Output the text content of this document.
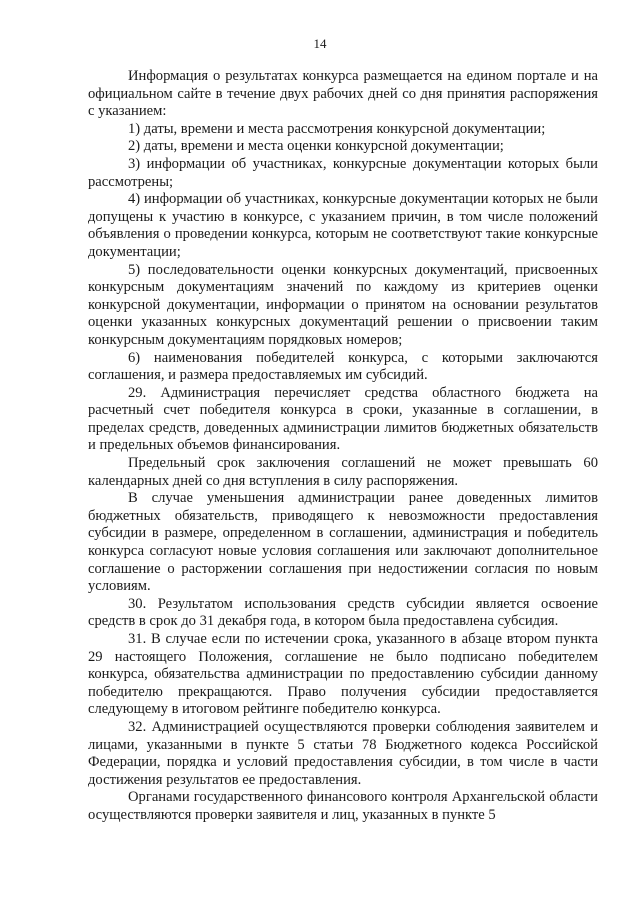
14

Информация о результатах конкурса размещается на едином портале и на официальном сайте в течение двух рабочих дней со дня принятия распоряжения с указанием:

1) даты, времени и места рассмотрения конкурсной документации;

2) даты, времени и места оценки конкурсной документации;

3) информации об участниках, конкурсные документации которых были рассмотрены;

4) информации об участниках, конкурсные документации которых не были допущены к участию в конкурсе, с указанием причин, в том числе положений объявления о проведении конкурса, которым не соответствуют такие конкурсные документации;

5) последовательности оценки конкурсных документаций, присвоенных конкурсным документациям значений по каждому из критериев оценки конкурсной документации, информации о принятом на основании результатов оценки указанных конкурсных документаций решении о присвоении таким конкурсным документациям порядковых номеров;

6) наименования победителей конкурса, с которыми заключаются соглашения, и размера предоставляемых им субсидий.

29. Администрация перечисляет средства областного бюджета на расчетный счет победителя конкурса в сроки, указанные в соглашении, в пределах средств, доведенных администрации лимитов бюджетных обязательств и предельных объемов финансирования.

Предельный срок заключения соглашений не может превышать 60 календарных дней со дня вступления в силу распоряжения.

В случае уменьшения администрации ранее доведенных лимитов бюджетных обязательств, приводящего к невозможности предоставления субсидии в размере, определенном в соглашении, администрация и победитель конкурса согласуют новые условия соглашения или заключают дополнительное соглашение о расторжении соглашения при недостижении согласия по новым условиям.

30. Результатом использования средств субсидии является освоение средств в срок до 31 декабря года, в котором была предоставлена субсидия.

31. В случае если по истечении срока, указанного в абзаце втором пункта 29 настоящего Положения, соглашение не было подписано победителем конкурса, обязательства администрации по предоставлению субсидии данному победителю прекращаются. Право получения субсидии предоставляется следующему в итоговом рейтинге победителю конкурса.

32. Администрацией осуществляются проверки соблюдения заявителем и лицами, указанными в пункте 5 статьи 78 Бюджетного кодекса Российской Федерации, порядка и условий предоставления субсидии, в том числе в части достижения результатов ее предоставления.

Органами государственного финансового контроля Архангельской области осуществляются проверки заявителя и лиц, указанных в пункте 5
